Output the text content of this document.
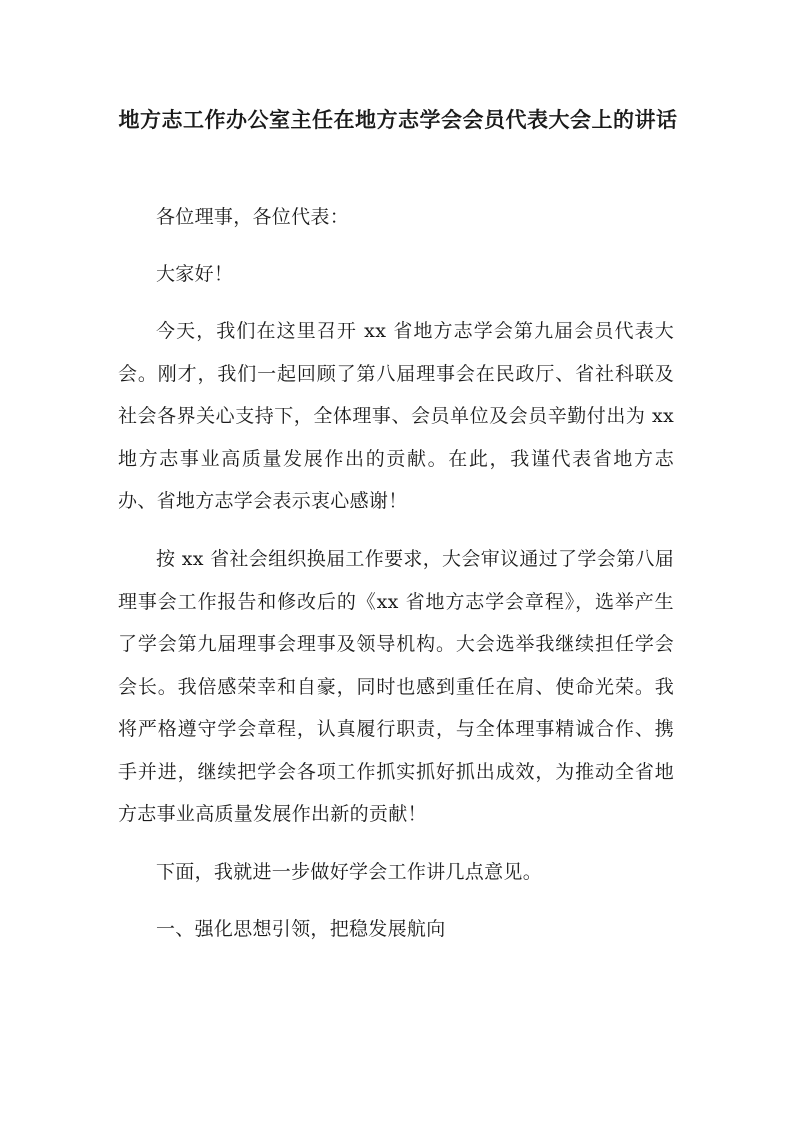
地方志工作办公室主任在地方志学会会员代表大会上的讲话

各位理事，各位代表：

大家好！

今天，我们在这里召开 xx 省地方志学会第九届会员代表大会。刚才，我们一起回顾了第八届理事会在民政厅、省社科联及社会各界关心支持下，全体理事、会员单位及会员辛勤付出为 xx 地方志事业高质量发展作出的贡献。在此，我谨代表省地方志办、省地方志学会表示衷心感谢！

按 xx 省社会组织换届工作要求，大会审议通过了学会第八届理事会工作报告和修改后的《xx 省地方志学会章程》，选举产生了学会第九届理事会理事及领导机构。大会选举我继续担任学会会长。我倍感荣幸和自豪，同时也感到重任在肩、使命光荣。我将严格遵守学会章程，认真履行职责，与全体理事精诚合作、携手并进，继续把学会各项工作抓实抓好抓出成效，为推动全省地方志事业高质量发展作出新的贡献！

下面，我就进一步做好学会工作讲几点意见。

一、强化思想引领，把稳发展航向
